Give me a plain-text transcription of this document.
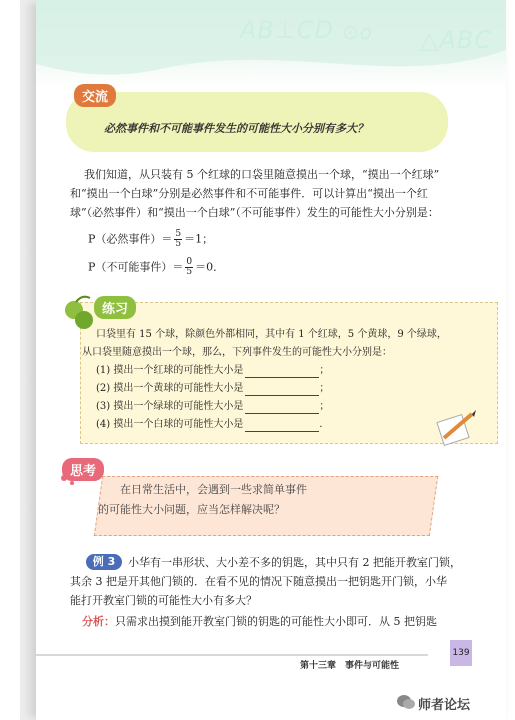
AB⊥CD ⊙o △ABC
交流
必然事件和不可能事件发生的可能性大小分别有多大？
我们知道，从只装有 5 个红球的口袋里随意摸出一个球，“摸出一个红球”
和“摸出一个白球”分别是必然事件和不可能事件．可以计算出“摸出一个红
球”（必然事件）和“摸出一个白球”（不可能事件）发生的可能性大小分别是：
P（必然事件）＝ $\frac{5}{5} =1$；
P（不可能事件）＝ $\frac{0}{5} =0$．
练习
口袋里有 15 个球，除颜色外都相同，其中有 1 个红球，5 个黄球，9 个绿球，
从口袋里随意摸出一个球，那么，下列事件发生的可能性大小分别是：
(1) 摸出一个红球的可能性大小是	；
(2) 摸出一个黄球的可能性大小是	；
(3) 摸出一个绿球的可能性大小是	；
(4) 摸出一个白球的可能性大小是	．
思考
在日常生活中，会遇到一些求简单事件
的可能性大小问题，应当怎样解决呢？
例 3	小华有一串形状、大小差不多的钥匙，其中只有 2 把能开教室门锁，
其余 3 把是开其他门锁的．在看不见的情况下随意摸出一把钥匙开门锁，小华
能打开教室门锁的可能性大小有多大？
分析：只需求出摸到能开教室门锁的钥匙的可能性大小即可．从 5 把钥匙
第十三章　事件与可能性
139
师者论坛
